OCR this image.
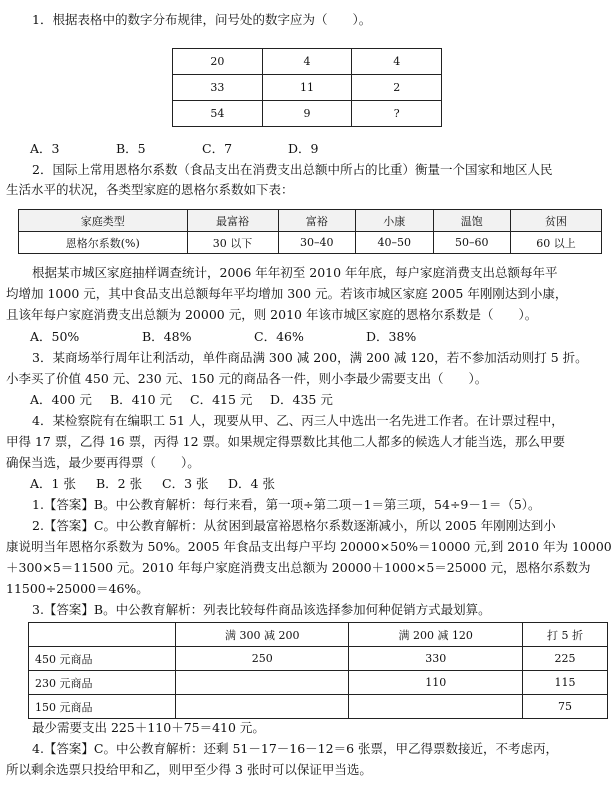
1．根据表格中的数字分布规律，问号处的数字应为（　　）。
20	4	4
33	11	2
54	9	?
A．3	B．5	C．7	D．9
2．国际上常用恩格尔系数（食品支出在消费支出总额中所占的比重）衡量一个国家和地区人民
生活水平的状况，各类型家庭的恩格尔系数如下表：
家庭类型	最富裕	富裕	小康	温饱	贫困
恩格尔系数(%)	30 以下	30–40	40–50	50–60	60 以上
根据某市城区家庭抽样调查统计，2006 年年初至 2010 年年底，每户家庭消费支出总额每年平
均增加 1000 元，其中食品支出总额每年平均增加 300 元。若该市城区家庭 2005 年刚刚达到小康，
且该年每户家庭消费支出总额为 20000 元，则 2010 年该市城区家庭的恩格尔系数是（　　）。
A．50%	B．48%	C．46%	D．38%
3．某商场举行周年让利活动，单件商品满 300 减 200，满 200 减 120，若不参加活动则打 5 折。
小李买了价值 450 元、230 元、150 元的商品各一件，则小李最少需要支出（　　）。
A．400 元 B．410 元 C．415 元 D．435 元
4．某检察院有在编职工 51 人，现要从甲、乙、丙三人中选出一名先进工作者。在计票过程中，
甲得 17 票，乙得 16 票，丙得 12 票。如果规定得票数比其他二人都多的候选人才能当选，那么甲要
确保当选，最少要再得票（　　）。
A．1 张 B．2 张 C．3 张 D．4 张
1.【答案】B。中公教育解析：每行来看，第一项÷第二项－1＝第三项，54÷9－1＝（5）。
2.【答案】C。中公教育解析：从贫困到最富裕恩格尔系数逐渐减小，所以 2005 年刚刚达到小
康说明当年恩格尔系数为 50%。2005 年食品支出每户平均 20000×50%＝10000 元,到 2010 年为 10000
＋300×5＝11500 元。2010 年每户家庭消费支出总额为 20000＋1000×5＝25000 元，恩格尔系数为
11500÷25000＝46%。
3.【答案】B。中公教育解析：列表比较每件商品该选择参加何种促销方式最划算。
	满 300 减 200	满 200 减 120	打 5 折
450 元商品	250	330	225
230 元商品		110	115
150 元商品			75
最少需要支出 225＋110＋75＝410 元。
4.【答案】C。中公教育解析：还剩 51－17－16－12＝6 张票，甲乙得票数接近，不考虑丙，
所以剩余选票只投给甲和乙，则甲至少得 3 张时可以保证甲当选。
